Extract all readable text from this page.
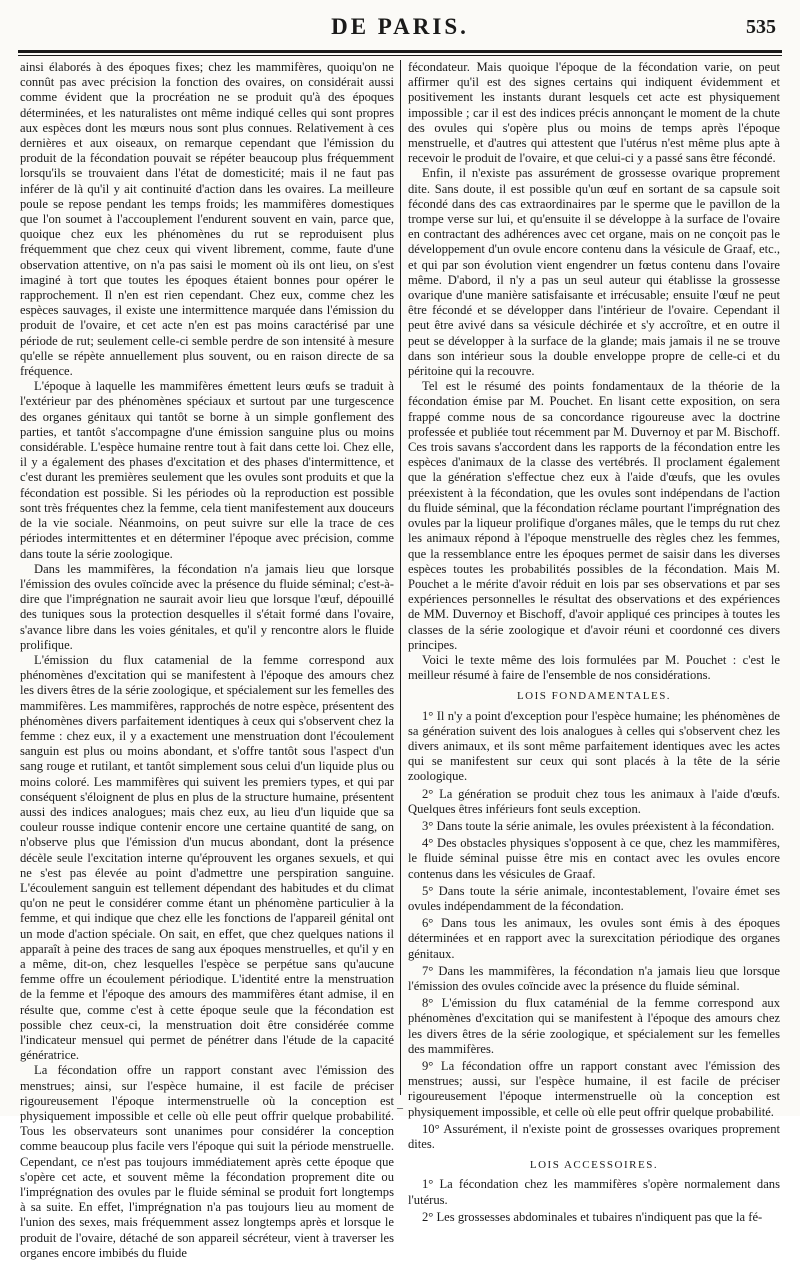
DE PARIS.	535

ainsi élaborés à des époques fixes; chez les mammifères, quoiqu'on ne connût pas avec précision la fonction des ovaires, on considérait aussi comme évident que la procréation ne se produit qu'à des époques déterminées, et les naturalistes ont même indiqué celles qui sont propres aux espèces dont les mœurs nous sont plus connues. Relativement à ces dernières et aux oiseaux, on remarque cependant que l'émission du produit de la fécondation pouvait se répéter beaucoup plus fréquemment lorsqu'ils se trouvaient dans l'état de domesticité; mais il ne faut pas inférer de là qu'il y ait continuité d'action dans les ovaires. La meilleure poule se repose pendant les temps froids; les mammifères domestiques que l'on soumet à l'accouplement l'endurent souvent en vain, parce que, quoique chez eux les phénomènes du rut se reproduisent plus fréquemment que chez ceux qui vivent librement, comme, faute d'une observation attentive, on n'a pas saisi le moment où ils ont lieu, on s'est imaginé à tort que toutes les époques étaient bonnes pour opérer le rapprochement. Il n'en est rien cependant. Chez eux, comme chez les espèces sauvages, il existe une intermittence marquée dans l'émission du produit de l'ovaire, et cet acte n'en est pas moins caractérisé par une période de rut; seulement celle-ci semble perdre de son intensité à mesure qu'elle se répète annuellement plus souvent, ou en raison directe de sa fréquence.

L'époque à laquelle les mammifères émettent leurs œufs se traduit à l'extérieur par des phénomènes spéciaux et surtout par une turgescence des organes génitaux qui tantôt se borne à un simple gonflement des parties, et tantôt s'accompagne d'une émission sanguine plus ou moins considérable. L'espèce humaine rentre tout à fait dans cette loi. Chez elle, il y a également des phases d'excitation et des phases d'intermittence, et c'est durant les premières seulement que les ovules sont produits et que la fécondation est possible. Si les périodes où la reproduction est possible sont très fréquentes chez la femme, cela tient manifestement aux douceurs de la vie sociale. Néanmoins, on peut suivre sur elle la trace de ces périodes intermittentes et en déterminer l'époque avec précision, comme dans toute la série zoologique.

Dans les mammifères, la fécondation n'a jamais lieu que lorsque l'émission des ovules coïncide avec la présence du fluide séminal; c'est-à-dire que l'imprégnation ne saurait avoir lieu que lorsque l'œuf, dépouillé des tuniques sous la protection desquelles il s'était formé dans l'ovaire, s'avance libre dans les voies génitales, et qu'il y rencontre alors le fluide prolifique.

L'émission du flux catamenial de la femme correspond aux phénomènes d'excitation qui se manifestent à l'époque des amours chez les divers êtres de la série zoologique, et spécialement sur les femelles des mammifères. Les mammifères, rapprochés de notre espèce, présentent des phénomènes divers parfaitement identiques à ceux qui s'observent chez la femme : chez eux, il y a exactement une menstruation dont l'écoulement sanguin est plus ou moins abondant, et s'offre tantôt sous l'aspect d'un sang rouge et rutilant, et tantôt simplement sous celui d'un liquide plus ou moins coloré. Les mammifères qui suivent les premiers types, et qui par conséquent s'éloignent de plus en plus de la structure humaine, présentent aussi des indices analogues; mais chez eux, au lieu d'un liquide que sa couleur rousse indique contenir encore une certaine quantité de sang, on n'observe plus que l'émission d'un mucus abondant, dont la présence décèle seule l'excitation interne qu'éprouvent les organes sexuels, et qui ne s'est pas élevée au point d'admettre une perspiration sanguine. L'écoulement sanguin est tellement dépendant des habitudes et du climat qu'on ne peut le considérer comme étant un phénomène particulier à la femme, et qui indique que chez elle les fonctions de l'appareil génital ont un mode d'action spéciale. On sait, en effet, que chez quelques nations il apparaît à peine des traces de sang aux époques menstruelles, et qu'il y en a même, dit-on, chez lesquelles l'espèce se perpétue sans qu'aucune femme offre un écoulement périodique. L'identité entre la menstruation de la femme et l'époque des amours des mammifères étant admise, il en résulte que, comme c'est à cette époque seule que la fécondation est possible chez ceux-ci, la menstruation doit être considérée comme l'indicateur mensuel qui permet de pénétrer dans l'étude de la capacité génératrice.

La fécondation offre un rapport constant avec l'émission des menstrues; ainsi, sur l'espèce humaine, il est facile de préciser rigoureusement l'époque intermenstruelle où la conception est physiquement impossible et celle où elle peut offrir quelque probabilité. Tous les observateurs sont unanimes pour considérer la conception comme beaucoup plus facile vers l'époque qui suit la période menstruelle. Cependant, ce n'est pas toujours immédiatement après cette époque que s'opère cet acte, et souvent même la fécondation proprement dite ou l'imprégnation des ovules par le fluide séminal se produit fort longtemps à sa suite. En effet, l'imprégnation n'a pas toujours lieu au moment de l'union des sexes, mais fréquemment assez longtemps après et lorsque le produit de l'ovaire, détaché de son appareil sécréteur, vient à traverser les organes encore imbibés du fluide

fécondateur. Mais quoique l'époque de la fécondation varie, on peut affirmer qu'il est des signes certains qui indiquent évidemment et positivement les instants durant lesquels cet acte est physiquement impossible ; car il est des indices précis annonçant le moment de la chute des ovules qui s'opère plus ou moins de temps après l'époque menstruelle, et d'autres qui attestent que l'utérus n'est même plus apte à recevoir le produit de l'ovaire, et que celui-ci y a passé sans être fécondé.

Enfin, il n'existe pas assurément de grossesse ovarique proprement dite. Sans doute, il est possible qu'un œuf en sortant de sa capsule soit fécondé dans des cas extraordinaires par le sperme que le pavillon de la trompe verse sur lui, et qu'ensuite il se développe à la surface de l'ovaire en contractant des adhérences avec cet organe, mais on ne conçoit pas le développement d'un ovule encore contenu dans la vésicule de Graaf, etc., et qui par son évolution vient engendrer un fœtus contenu dans l'ovaire même. D'abord, il n'y a pas un seul auteur qui établisse la grossesse ovarique d'une manière satisfaisante et irrécusable; ensuite l'œuf ne peut être fécondé et se développer dans l'intérieur de l'ovaire. Cependant il peut être avivé dans sa vésicule déchirée et s'y accroître, et en outre il peut se développer à la surface de la glande; mais jamais il ne se trouve dans son intérieur sous la double enveloppe propre de celle-ci et du péritoine qui la recouvre.

Tel est le résumé des points fondamentaux de la théorie de la fécondation émise par M. Pouchet. En lisant cette exposition, on sera frappé comme nous de sa concordance rigoureuse avec la doctrine professée et publiée tout récemment par M. Duvernoy et par M. Bischoff. Ces trois savans s'accordent dans les rapports de la fécondation entre les espèces d'animaux de la classe des vertébrés. Il proclament également que la génération s'effectue chez eux à l'aide d'œufs, que les ovules préexistent à la fécondation, que les ovules sont indépendans de l'action du fluide séminal, que la fécondation réclame pourtant l'imprégnation des ovules par la liqueur prolifique d'organes mâles, que le temps du rut chez les animaux répond à l'époque menstruelle des règles chez les femmes, que la ressemblance entre les époques permet de saisir dans les diverses espèces toutes les probabilités possibles de la fécondation. Mais M. Pouchet a le mérite d'avoir réduit en lois par ses observations et par ses expériences personnelles le résultat des observations et des expériences de MM. Duvernoy et Bischoff, d'avoir appliqué ces principes à toutes les classes de la série zoologique et d'avoir réuni et coordonné ces divers principes.

Voici le texte même des lois formulées par M. Pouchet : c'est le meilleur résumé à faire de l'ensemble de nos considérations.

LOIS FONDAMENTALES.

1° Il n'y a point d'exception pour l'espèce humaine; les phénomènes de sa génération suivent des lois analogues à celles qui s'observent chez les divers animaux, et ils sont même parfaitement identiques avec les actes qui se manifestent sur ceux qui sont placés à la tête de la série zoologique.

2° La génération se produit chez tous les animaux à l'aide d'œufs. Quelques êtres inférieurs font seuls exception.

3° Dans toute la série animale, les ovules préexistent à la fécondation.

4° Des obstacles physiques s'opposent à ce que, chez les mammifères, le fluide séminal puisse être mis en contact avec les ovules encore contenus dans les vésicules de Graaf.

5° Dans toute la série animale, incontestablement, l'ovaire émet ses ovules indépendamment de la fécondation.

6° Dans tous les animaux, les ovules sont émis à des époques déterminées et en rapport avec la surexcitation périodique des organes génitaux.

7° Dans les mammifères, la fécondation n'a jamais lieu que lorsque l'émission des ovules coïncide avec la présence du fluide séminal.

8° L'émission du flux cataménial de la femme correspond aux phénomènes d'excitation qui se manifestent à l'époque des amours chez les divers êtres de la série zoologique, et spécialement sur les femelles des mammifères.

9° La fécondation offre un rapport constant avec l'émission des menstrues; aussi, sur l'espèce humaine, il est facile de préciser rigoureusement l'époque intermenstruelle où la conception est physiquement impossible, et celle où elle peut offrir quelque probabilité.

10° Assurément, il n'existe point de grossesses ovariques proprement dites.

LOIS ACCESSOIRES.

1° La fécondation chez les mammifères s'opère normalement dans l'utérus.

2° Les grossesses abdominales et tubaires n'indiquent pas que la fé-

–
